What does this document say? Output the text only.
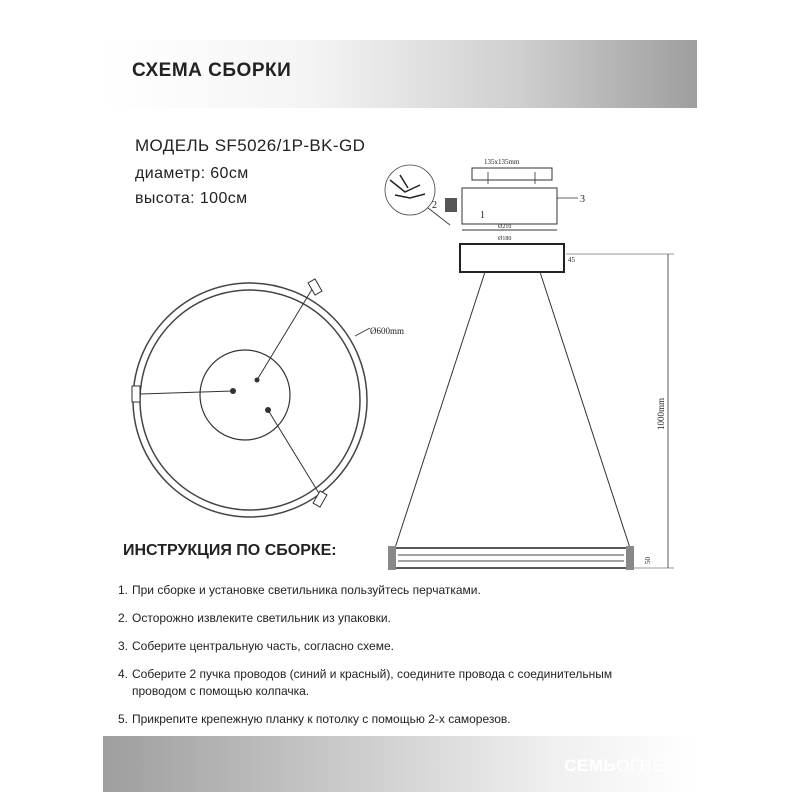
СХЕМА СБОРКИ
МОДЕЛЬ SF5026/1P-BK-GD
диаметр: 60см
высота: 100см
Ø600mm
135x135mm
1
2
3
Ø210
Ø180
45
1000mm
50
ИНСТРУКЦИЯ ПО СБОРКЕ:
1. При сборке и установке светильника пользуйтесь перчатками.
2. Осторожно извлеките светильник из упаковки.
3. Соберите центральную часть, согласно схеме.
4. Соберите 2 пучка проводов (синий и красный), соедините провода с соединительным
проводом с помощью колпачка.
5. Прикрепите крепежную планку к потолку с помощью 2-х саморезов.
СЕМЬОГНЕЙ
